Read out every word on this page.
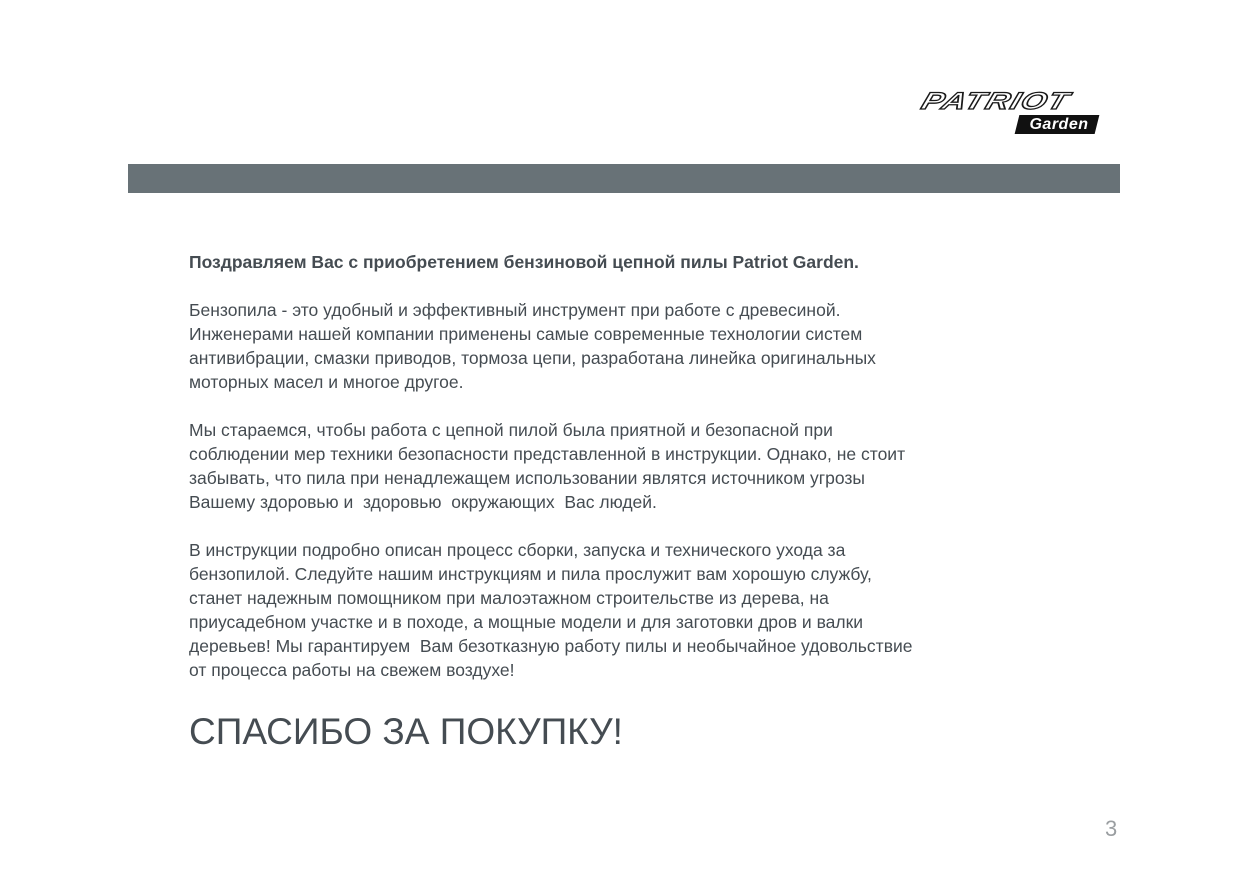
PATRIOT
Garden

Поздравляем Вас с приобретением бензиновой цепной пилы Patriot Garden.

Бензопила - это удобный и эффективный инструмент при работе с древесиной.
Инженерами нашей компании применены самые современные технологии систем
антивибрации, смазки приводов, тормоза цепи, разработана линейка оригинальных
моторных масел и многое другое.

Мы стараемся, чтобы работа с цепной пилой была приятной и безопасной при
соблюдении мер техники безопасности представленной в инструкции. Однако, не стоит
забывать, что пила при ненадлежащем использовании являтся источником угрозы
Вашему здоровью и  здоровью  окружающих  Вас людей.

В инструкции подробно описан процесс сборки, запуска и технического ухода за
бензопилой. Следуйте нашим инструкциям и пила прослужит вам хорошую службу,
станет надежным помощником при малоэтажном строительстве из дерева, на
приусадебном участке и в походе, а мощные модели и для заготовки дров и валки
деревьев! Мы гарантируем  Вам безотказную работу пилы и необычайное удовольствие
от процесса работы на свежем воздухе!

СПАСИБО ЗА ПОКУПКУ!
3
